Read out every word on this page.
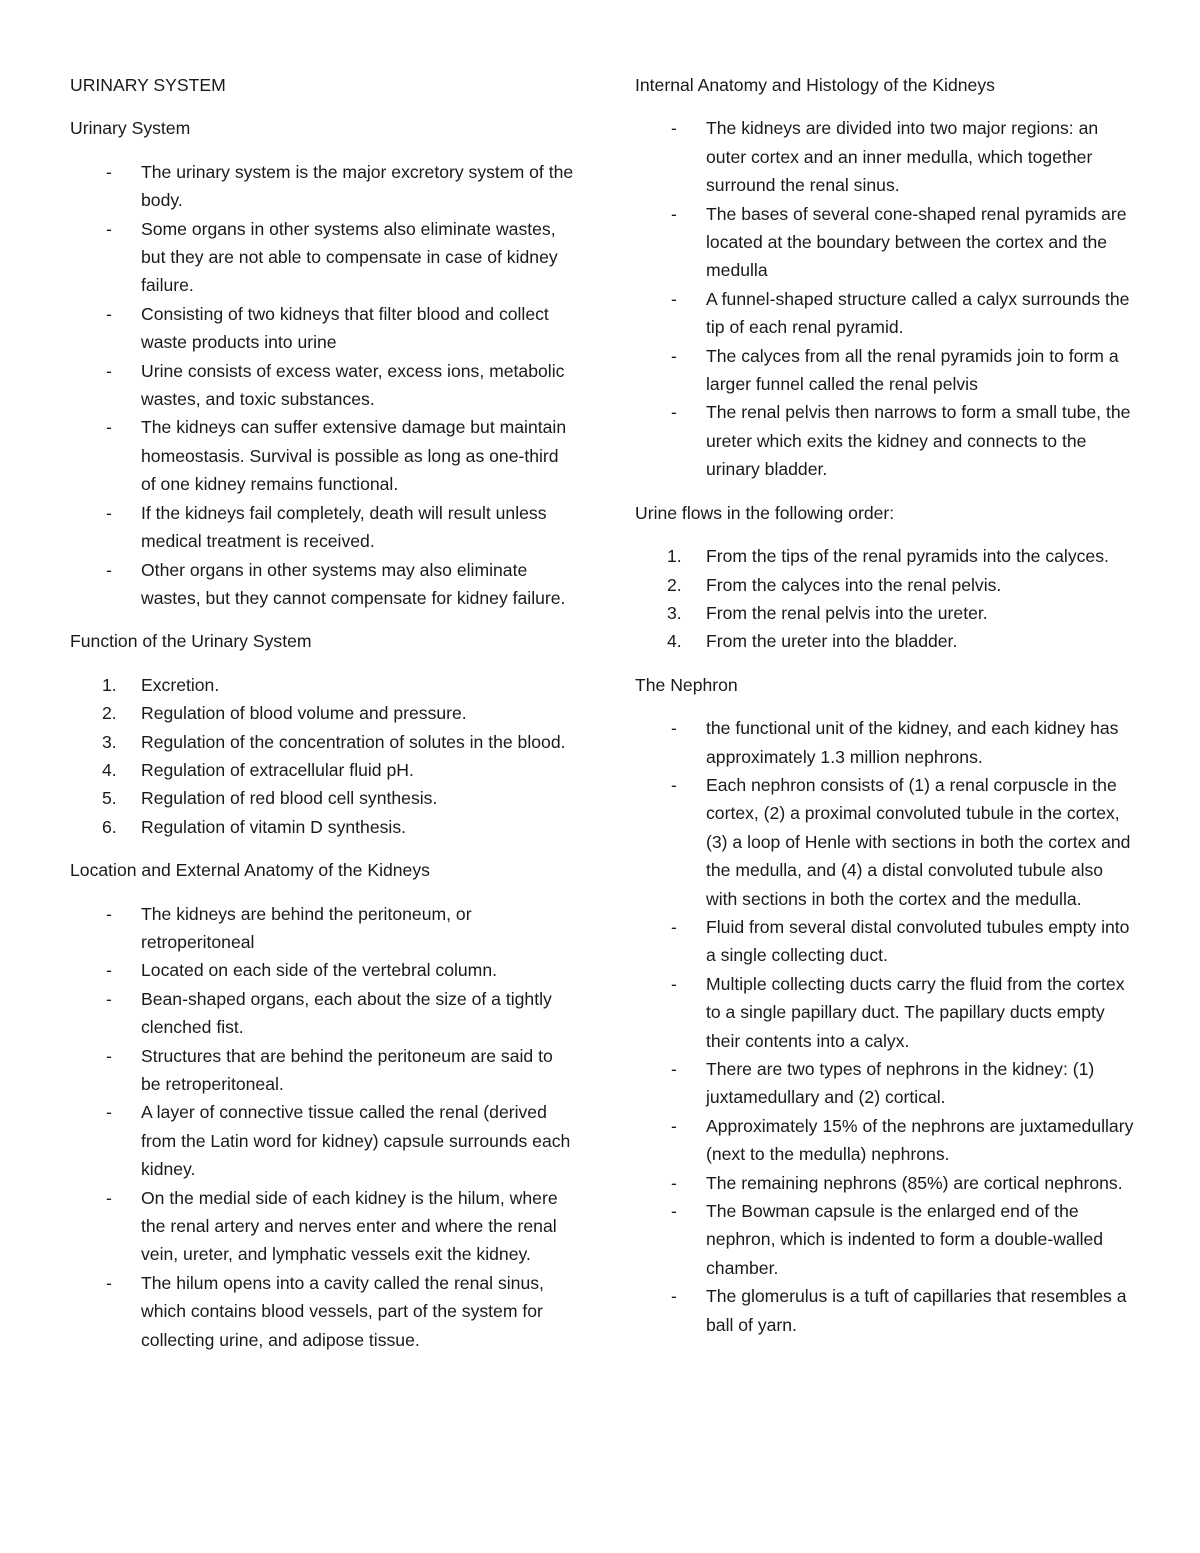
URINARY SYSTEM
Urinary System
- The urinary system is the major excretory system of the body.
- Some organs in other systems also eliminate wastes, but they are not able to compensate in case of kidney failure.
- Consisting of two kidneys that filter blood and collect waste products into urine
- Urine consists of excess water, excess ions, metabolic wastes, and toxic substances.
- The kidneys can suffer extensive damage but maintain homeostasis. Survival is possible as long as one-third of one kidney remains functional.
- If the kidneys fail completely, death will result unless medical treatment is received.
- Other organs in other systems may also eliminate wastes, but they cannot compensate for kidney failure.
Function of the Urinary System
1. Excretion.
2. Regulation of blood volume and pressure.
3. Regulation of the concentration of solutes in the blood.
4. Regulation of extracellular fluid pH.
5. Regulation of red blood cell synthesis.
6. Regulation of vitamin D synthesis.
Location and External Anatomy of the Kidneys
- The kidneys are behind the peritoneum, or retroperitoneal
- Located on each side of the vertebral column.
- Bean-shaped organs, each about the size of a tightly clenched fist.
- Structures that are behind the peritoneum are said to be retroperitoneal.
- A layer of connective tissue called the renal (derived from the Latin word for kidney) capsule surrounds each kidney.
- On the medial side of each kidney is the hilum, where the renal artery and nerves enter and where the renal vein, ureter, and lymphatic vessels exit the kidney.
- The hilum opens into a cavity called the renal sinus, which contains blood vessels, part of the system for collecting urine, and adipose tissue.
Internal Anatomy and Histology of the Kidneys
- The kidneys are divided into two major regions: an outer cortex and an inner medulla, which together surround the renal sinus.
- The bases of several cone-shaped renal pyramids are located at the boundary between the cortex and the medulla
- A funnel-shaped structure called a calyx surrounds the tip of each renal pyramid.
- The calyces from all the renal pyramids join to form a larger funnel called the renal pelvis
- The renal pelvis then narrows to form a small tube, the ureter which exits the kidney and connects to the urinary bladder.
Urine flows in the following order:
1. From the tips of the renal pyramids into the calyces.
2. From the calyces into the renal pelvis.
3. From the renal pelvis into the ureter.
4. From the ureter into the bladder.
The Nephron
- the functional unit of the kidney, and each kidney has approximately 1.3 million nephrons.
- Each nephron consists of (1) a renal corpuscle in the cortex, (2) a proximal convoluted tubule in the cortex, (3) a loop of Henle with sections in both the cortex and the medulla, and (4) a distal convoluted tubule also with sections in both the cortex and the medulla.
- Fluid from several distal convoluted tubules empty into a single collecting duct.
- Multiple collecting ducts carry the fluid from the cortex to a single papillary duct. The papillary ducts empty their contents into a calyx.
- There are two types of nephrons in the kidney: (1) juxtamedullary and (2) cortical.
- Approximately 15% of the nephrons are juxtamedullary (next to the medulla) nephrons.
- The remaining nephrons (85%) are cortical nephrons.
- The Bowman capsule is the enlarged end of the nephron, which is indented to form a double-walled chamber.
- The glomerulus is a tuft of capillaries that resembles a ball of yarn.
